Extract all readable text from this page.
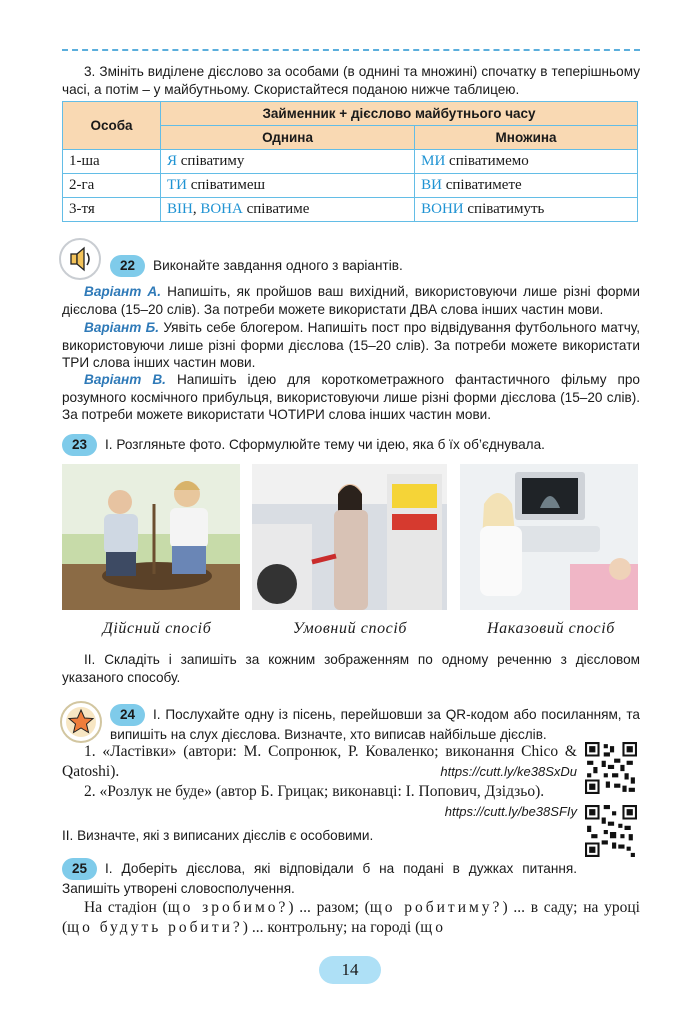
3. Змініть виділене дієслово за особами (в однині та множині) спочатку в теперішньому часі, а потім – у майбутньому. Скористайтеся поданою нижче таблицею.
Особа	Займенник + дієслово майбутнього часу	
	Однина	Множина
1-ша	Я співатиму	МИ співатимемо
2-га	ТИ співатимеш	ВИ співатимете
3-тя	ВІН, ВОНА співатиме	ВОНИ співатимуть
22 Виконайте завдання одного з варіантів.
Варіант А. Напишіть, як пройшов ваш вихідний, використовуючи лише різні форми дієслова (15–20 слів). За потреби можете використати ДВА слова інших частин мови.
Варіант Б. Уявіть себе блогером. Напишіть пост про відвідування футбольного матчу, використовуючи лише різні форми дієслова (15–20 слів). За потреби можете використати ТРИ слова інших частин мови.
Варіант В. Напишіть ідею для короткометражного фантастичного фільму про розумного космічного прибульця, використовуючи лише різні форми дієслова (15–20 слів). За потреби можете використати ЧОТИРИ слова інших частин мови.
23 I. Розгляньте фото. Сформулюйте тему чи ідею, яка б їх об’єднувала.
Дійсний спосіб	Умовний спосіб	Наказовий спосіб
II. Складіть і запишіть за кожним зображенням по одному реченню з дієсловом указаного способу.
24 I. Послухайте одну із пісень, перейшовши за QR-кодом або посиланням, та випишіть на слух дієслова. Визначте, хто виписав найбільше дієслів.
1. «Ластівки» (автори: М. Сопронюк, Р. Коваленко; виконання Chico & Qatoshi).	https://cutt.ly/ke38SxDu
2. «Розлук не буде» (автор Б. Грицак; виконавці: І. Попович, Дзідзьо).
https://cutt.ly/be38SFIy
II. Визначте, які з виписаних дієслів є особовими.
25 I. Доберіть дієслова, які відповідали б на подані в дужках питання. Запишіть утворені словосполучення.
На стадіон (що зробимо?) ... разом; (що робитиму?) ... в саду; на уроці (що будуть робити?) ... контрольну; на городі (що
14
